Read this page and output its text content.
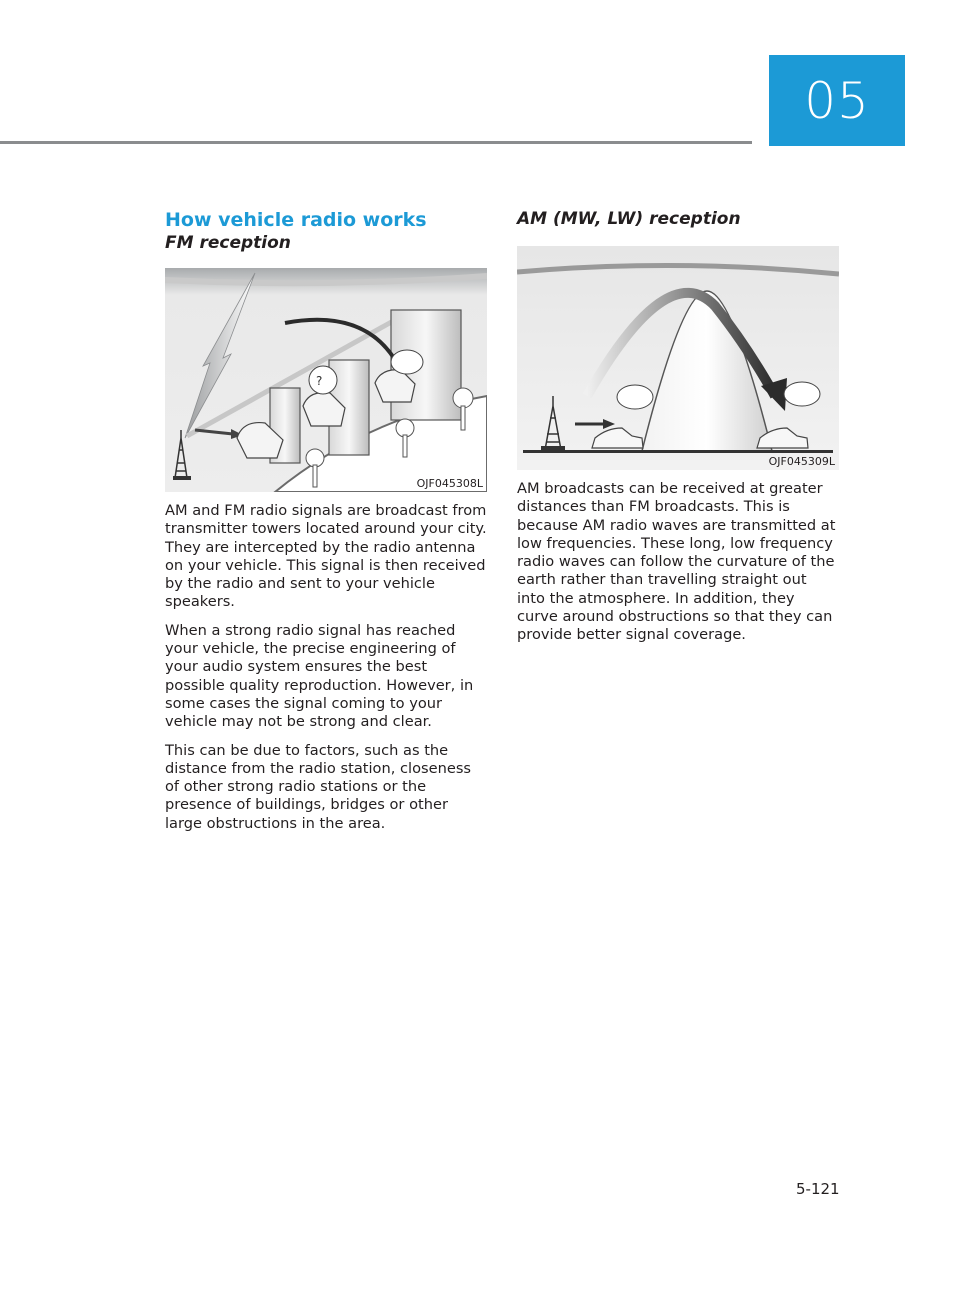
05
How vehicle radio works
FM reception
?
OJF045308L

AM and FM radio signals are broadcast from transmitter towers located around your city. They are intercepted by the radio antenna on your vehicle. This signal is then received by the radio and sent to your vehicle speakers.

When a strong radio signal has reached your vehicle, the precise engineering of your audio system ensures the best possible quality reproduction. However, in some cases the signal coming to your vehicle may not be strong and clear.

This can be due to factors, such as the distance from the radio station, closeness of other strong radio stations or the presence of buildings, bridges or other large obstructions in the area.

AM (MW, LW) reception
OJF045309L

AM broadcasts can be received at greater distances than FM broadcasts. This is because AM radio waves are transmitted at low frequencies. These long, low frequency radio waves can follow the curvature of the earth rather than travelling straight out into the atmosphere. In addition, they curve around obstructions so that they can provide better signal coverage.

5-121
